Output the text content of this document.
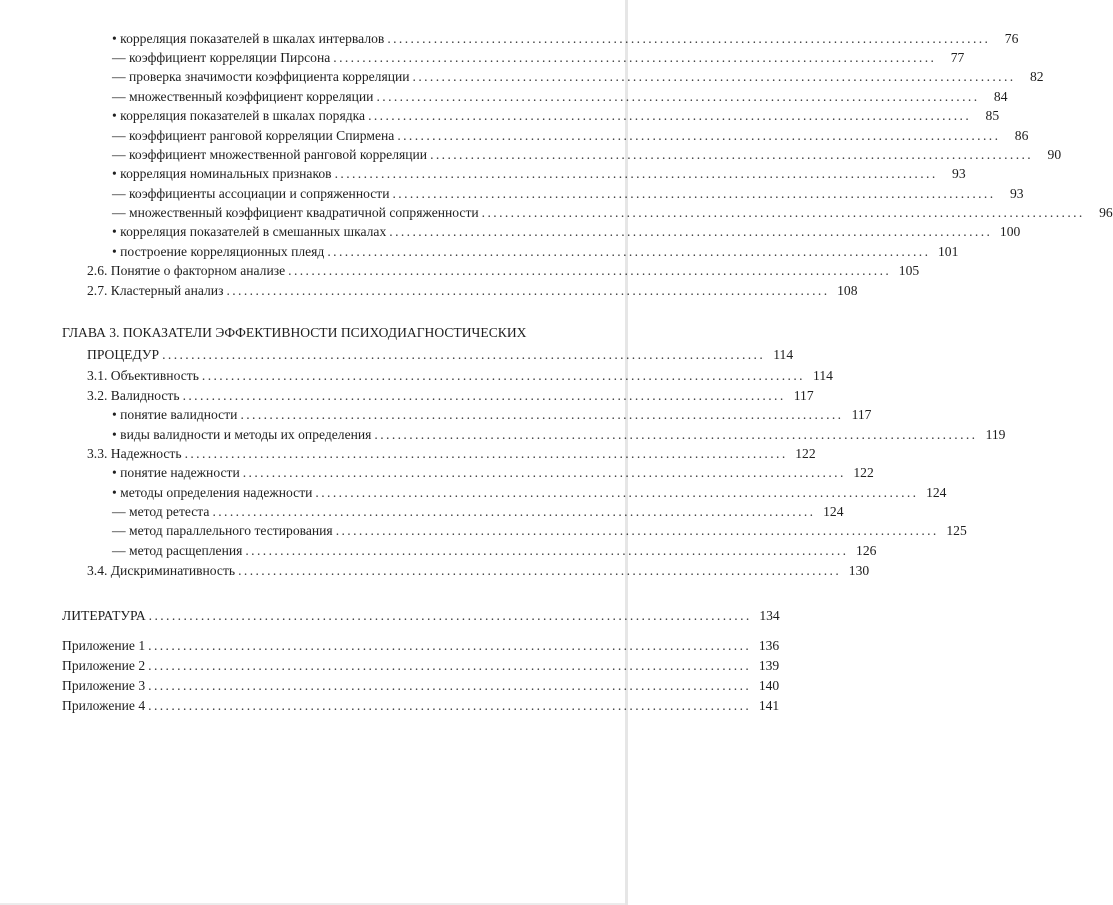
• корреляция показателей в шкалах интервалов ........................................................................................................	76
— коэффициент корреляции Пирсона ........................................................................................................	77
— проверка значимости коэффициента корреляции ........................................................................................................	82
— множественный коэффициент корреляции ........................................................................................................	84
• корреляция показателей в шкалах порядка ........................................................................................................	85
— коэффициент ранговой корреляции Спирмена ........................................................................................................	86
— коэффициент множественной ранговой корреляции ........................................................................................................	90
• корреляция номинальных признаков ........................................................................................................	93
— коэффициенты ассоциации и сопряженности ........................................................................................................	93
— множественный коэффициент квадратичной сопряженности ........................................................................................................	96
• корреляция показателей в смешанных шкалах ........................................................................................................ 100
• построение корреляционных плеяд ........................................................................................................ 101
2.6. Понятие о факторном анализе ........................................................................................................ 105
2.7. Кластерный анализ ........................................................................................................ 108
ГЛАВА 3. ПОКАЗАТЕЛИ ЭФФЕКТИВНОСТИ ПСИХОДИАГНОСТИЧЕСКИХ
ПРОЦЕДУР ........................................................................................................ 114
3.1. Объективность ........................................................................................................ 114
3.2. Валидность ........................................................................................................ 117
• понятие валидности ........................................................................................................ 117
• виды валидности и методы их определения ........................................................................................................ 119
3.3. Надежность ........................................................................................................ 122
• понятие надежности ........................................................................................................ 122
• методы определения надежности ........................................................................................................ 124
— метод ретеста ........................................................................................................ 124
— метод параллельного тестирования ........................................................................................................ 125
— метод расщепления ........................................................................................................ 126
3.4. Дискриминативность ........................................................................................................ 130
ЛИТЕРАТУРА ........................................................................................................ 134
Приложение 1 ........................................................................................................ 136
Приложение 2 ........................................................................................................ 139
Приложение 3 ........................................................................................................ 140
Приложение 4 ........................................................................................................ 141
